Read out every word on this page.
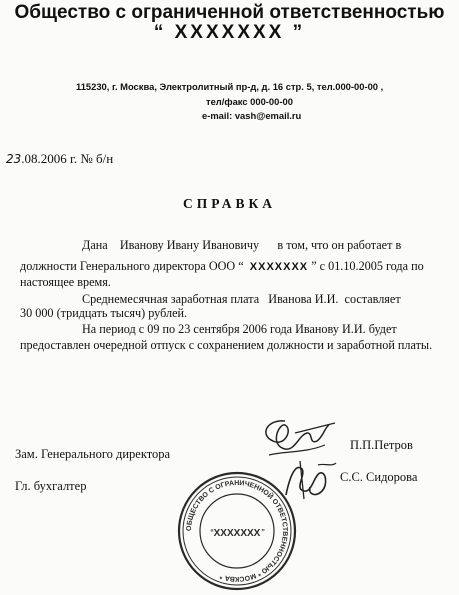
Общество с ограниченной ответственностью
“ XXXXXXX ”
115230, г. Москва, Электролитный пр-д, д. 16 стр. 5, тел.000-00-00 ,
тел/факс 000-00-00
e-mail: vash@email.ru
23.08.2006 г. № б/н
СПРАВКА
Дана Иванову Ивану Ивановичу в том, что он работает в
должности Генерального директора ООО “ XXXXXXX ” с 01.10.2005 года по
настоящее время.
Среднемесячная заработная плата Иванова И.И. составляет
30 000 (тридцать тысяч) рублей.
На период с 09 по 23 сентября 2006 года Иванову И.И. будет
предоставлен очередной отпуск с сохранением должности и заработной платы.
Зам. Генерального директора
П.П.Петров
Гл. бухгалтер
С.С. Сидорова
ОБЩЕСТВО С ОГРАНИЧЕННОЙ ОТВЕТСТВЕННОСТЬЮ * МОСКВА *
XXXXXXX
“	”
